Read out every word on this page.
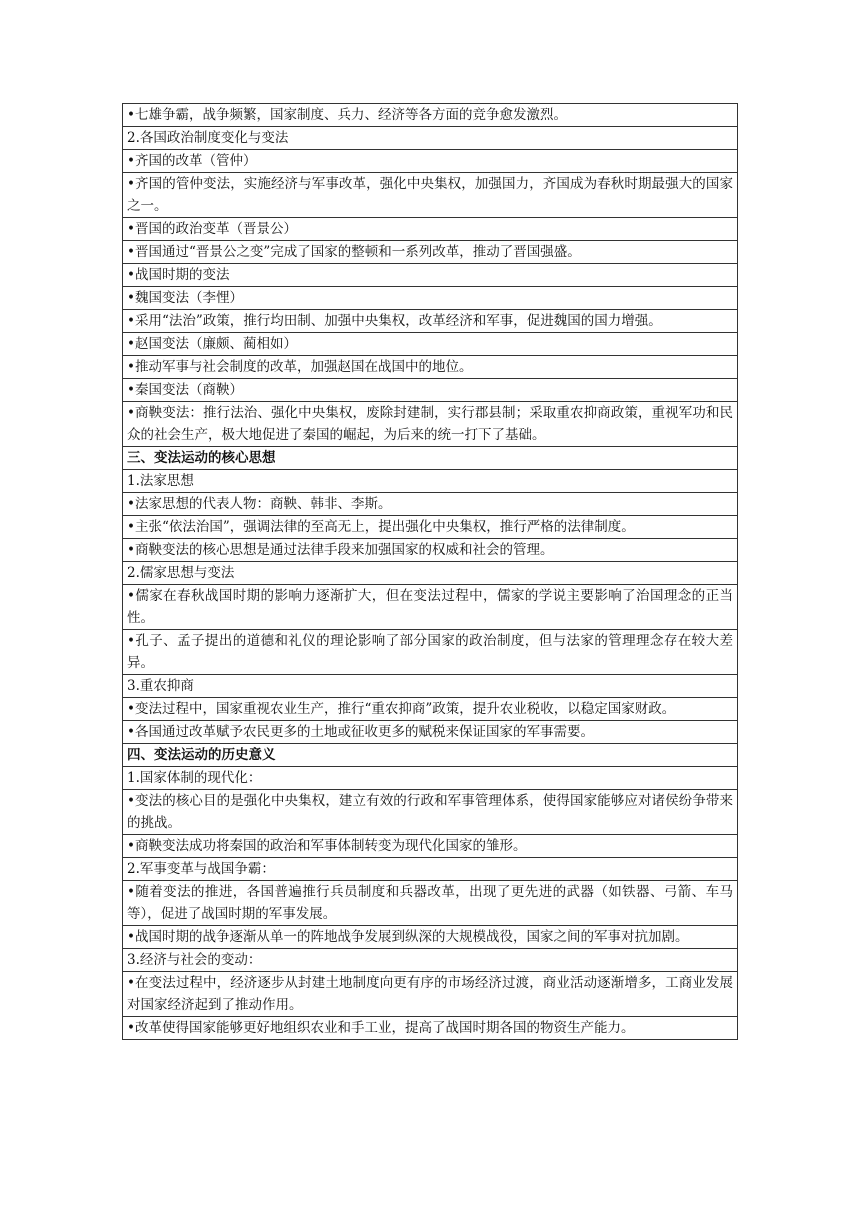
•七雄争霸，战争频繁，国家制度、兵力、经济等各方面的竞争愈发激烈。
2.各国政治制度变化与变法
•齐国的改革（管仲）
•齐国的管仲变法，实施经济与军事改革，强化中央集权，加强国力，齐国成为春秋时期最强大的国家之一。
•晋国的政治变革（晋景公）
•晋国通过“晋景公之变”完成了国家的整顿和一系列改革，推动了晋国强盛。
•战国时期的变法
•魏国变法（李悝）
•采用“法治”政策，推行均田制、加强中央集权，改革经济和军事，促进魏国的国力增强。
•赵国变法（廉颇、蔺相如）
•推动军事与社会制度的改革，加强赵国在战国中的地位。
•秦国变法（商鞅）
•商鞅变法：推行法治、强化中央集权，废除封建制，实行郡县制；采取重农抑商政策，重视军功和民众的社会生产，极大地促进了秦国的崛起，为后来的统一打下了基础。
三、变法运动的核心思想
1.法家思想
•法家思想的代表人物：商鞅、韩非、李斯。
•主张“依法治国”，强调法律的至高无上，提出强化中央集权，推行严格的法律制度。
•商鞅变法的核心思想是通过法律手段来加强国家的权威和社会的管理。
2.儒家思想与变法
•儒家在春秋战国时期的影响力逐渐扩大，但在变法过程中，儒家的学说主要影响了治国理念的正当性。
•孔子、孟子提出的道德和礼仪的理论影响了部分国家的政治制度，但与法家的管理理念存在较大差异。
3.重农抑商
•变法过程中，国家重视农业生产，推行“重农抑商”政策，提升农业税收，以稳定国家财政。
•各国通过改革赋予农民更多的土地或征收更多的赋税来保证国家的军事需要。
四、变法运动的历史意义
1.国家体制的现代化：
•变法的核心目的是强化中央集权，建立有效的行政和军事管理体系，使得国家能够应对诸侯纷争带来的挑战。
•商鞅变法成功将秦国的政治和军事体制转变为现代化国家的雏形。
2.军事变革与战国争霸：
•随着变法的推进，各国普遍推行兵员制度和兵器改革，出现了更先进的武器（如铁器、弓箭、车马等），促进了战国时期的军事发展。
•战国时期的战争逐渐从单一的阵地战争发展到纵深的大规模战役，国家之间的军事对抗加剧。
3.经济与社会的变动：
•在变法过程中，经济逐步从封建土地制度向更有序的市场经济过渡，商业活动逐渐增多，工商业发展对国家经济起到了推动作用。
•改革使得国家能够更好地组织农业和手工业，提高了战国时期各国的物资生产能力。
